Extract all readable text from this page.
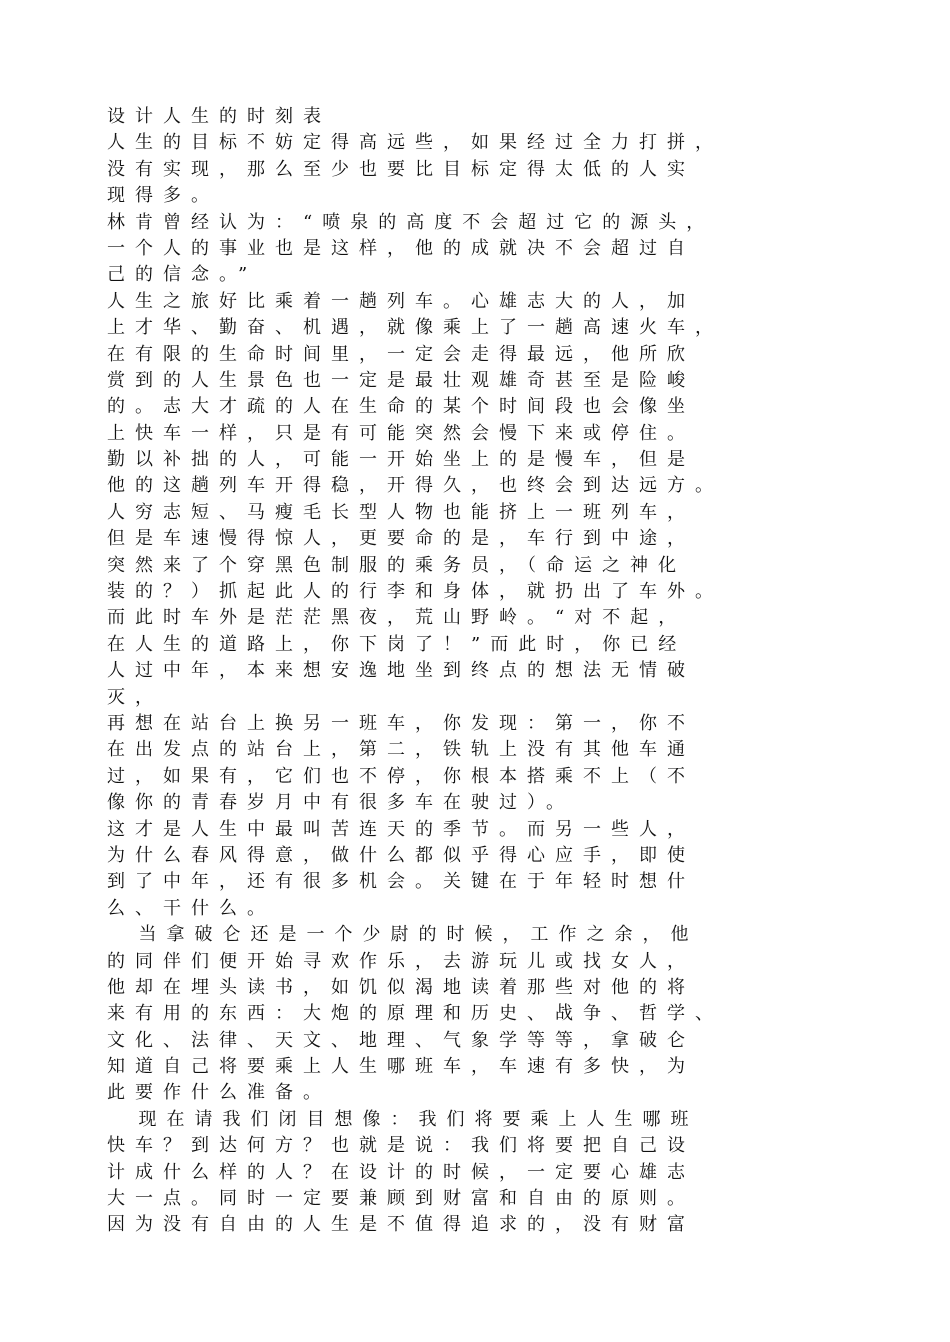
设计人生的时刻表
人生的目标不妨定得高远些，如果经过全力打拼，
没有实现，那么至少也要比目标定得太低的人实
现得多。
林肯曾经认为：“喷泉的高度不会超过它的源头，
一个人的事业也是这样，他的成就决不会超过自
己的信念。”
人生之旅好比乘着一趟列车。心雄志大的人，加
上才华、勤奋、机遇，就像乘上了一趟高速火车，
在有限的生命时间里，一定会走得最远，他所欣
赏到的人生景色也一定是最壮观雄奇甚至是险峻
的。志大才疏的人在生命的某个时间段也会像坐
上快车一样，只是有可能突然会慢下来或停住。
勤以补拙的人，可能一开始坐上的是慢车，但是
他的这趟列车开得稳，开得久，也终会到达远方。
人穷志短、马瘦毛长型人物也能挤上一班列车，
但是车速慢得惊人，更要命的是，车行到中途，
突然来了个穿黑色制服的乘务员，（命运之神化
装的？）抓起此人的行李和身体，就扔出了车外。
而此时车外是茫茫黑夜，荒山野岭。“对不起，
在人生的道路上，你下岗了！”而此时，你已经
人过中年，本来想安逸地坐到终点的想法无情破
灭，
再想在站台上换另一班车，你发现：第一，你不
在出发点的站台上，第二，铁轨上没有其他车通
过，如果有，它们也不停，你根本搭乘不上（不
像你的青春岁月中有很多车在驶过）。
这才是人生中最叫苦连天的季节。而另一些人，
为什么春风得意，做什么都似乎得心应手，即使
到了中年，还有很多机会。关键在于年轻时想什
么、干什么。
当拿破仑还是一个少尉的时候，工作之余，他
的同伴们便开始寻欢作乐，去游玩儿或找女人，
他却在埋头读书，如饥似渴地读着那些对他的将
来有用的东西：大炮的原理和历史、战争、哲学、
文化、法律、天文、地理、气象学等等，拿破仑
知道自己将要乘上人生哪班车，车速有多快，为
此要作什么准备。
现在请我们闭目想像：我们将要乘上人生哪班
快车？到达何方？也就是说：我们将要把自己设
计成什么样的人？在设计的时候，一定要心雄志
大一点。同时一定要兼顾到财富和自由的原则。
因为没有自由的人生是不值得追求的，没有财富
